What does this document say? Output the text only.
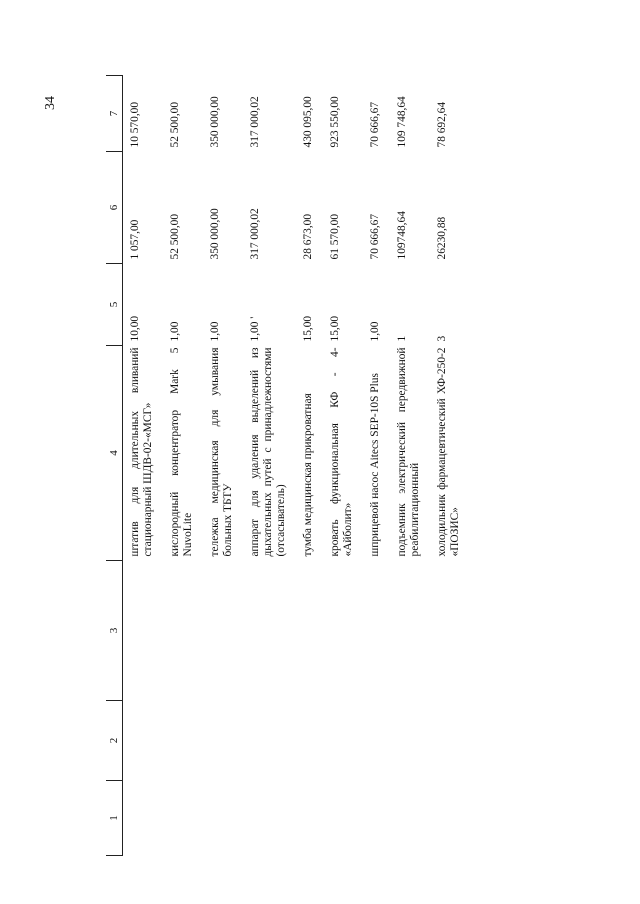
34
1	2	3	4	5	6	7
			штатив для длительных вливаний стационарный ШДВ-02-«МСГ»	10,00	1 057,00	10 570,00
			кислородный концентратор Mark 5 NuvoLite	1,00	52 500,00	52 500,00
			тележка медицинская для умывания больных ТБТУ	1,00	350 000,00	350 000,00
			аппарат для удаления выделений из дыхательных путей с принадлежностями (отсасыватель)	1,00 '	317 000,02	317 000,02
			тумба медицинская прикроватная	15,00	28 673,00	430 095,00
			кровать функциональная КФ - 4- «Айболит»	15,00	61 570,00	923 550,00
			шприцевой насос Aitecs SEP-10S Plus	1,00	70 666,67	70 666,67
			подъемник электрический передвижной реабилитационный	1	109748,64	109 748,64
			холодильник фармацевтический ХФ-250-2 «ПОЗИС»	3	26230,88	78 692,64
